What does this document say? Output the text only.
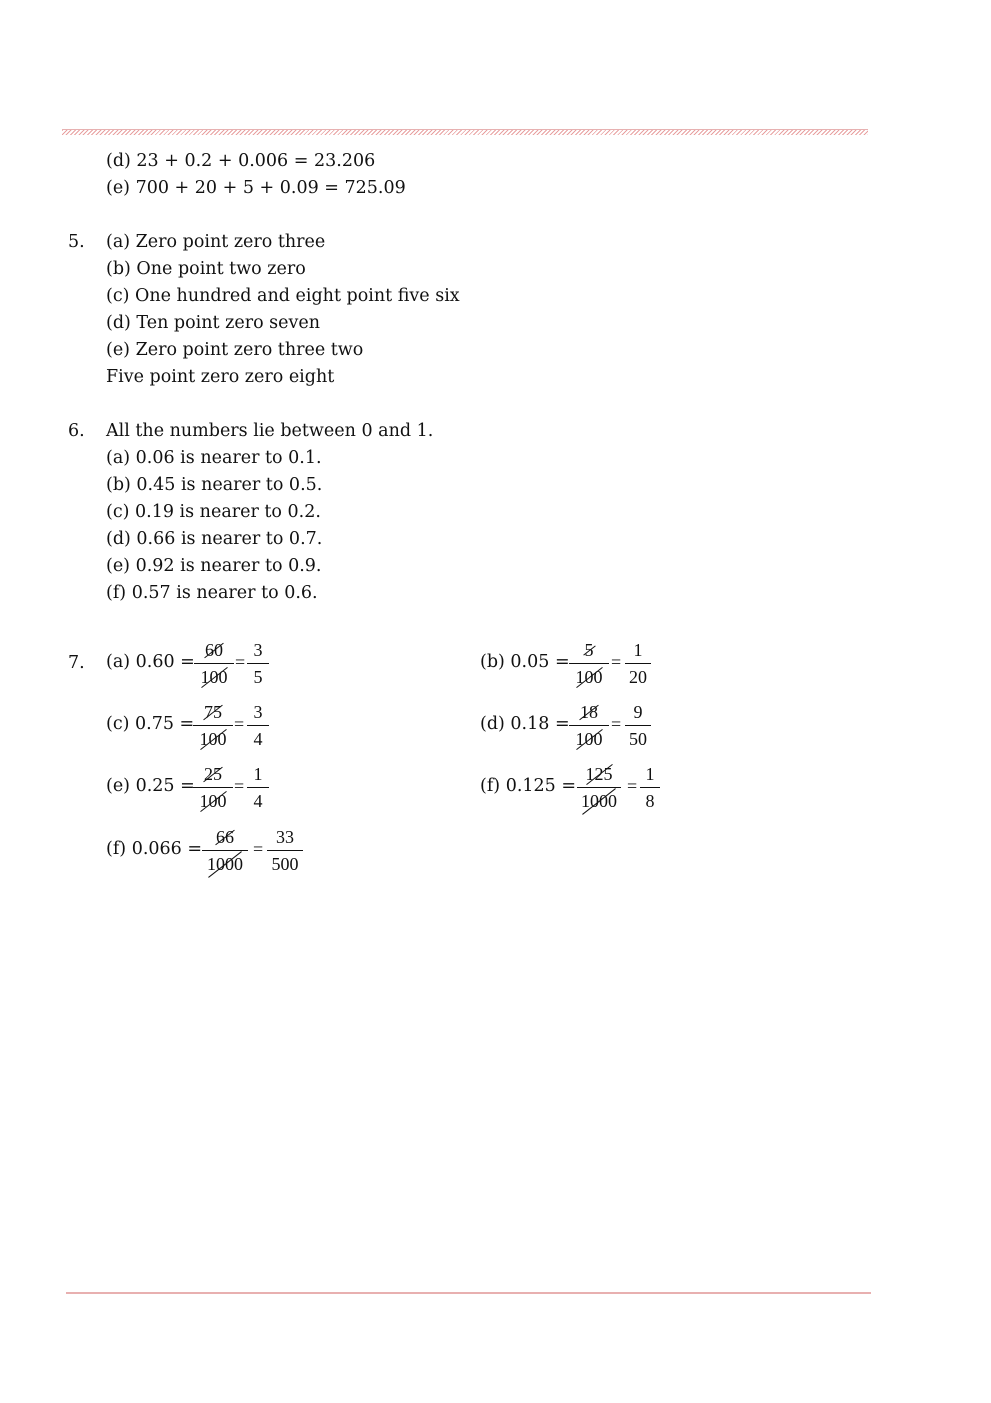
(d) 23 + 0.2 + 0.006 = 23.206
(e) 700 + 20 + 5 + 0.09 = 725.09
5. (a) Zero point zero three
(b) One point two zero
(c) One hundred and eight point five six
(d) Ten point zero seven
(e) Zero point zero three two
Five point zero zero eight
6. All the numbers lie between 0 and 1.
(a) 0.06 is nearer to 0.1.
(b) 0.45 is nearer to 0.5.
(c) 0.19 is nearer to 0.2.
(d) 0.66 is nearer to 0.7.
(e) 0.92 is nearer to 0.9.
(f) 0.57 is nearer to 0.6.
7. (a) 0.60 =
60
100
=
3
5
(b) 0.05 =
5
100
=
1
20
(c) 0.75 =
75
100
=
3
4
(d) 0.18 =
18
100
=
9
50
(e) 0.25 =
25
100
=
1
4
(f) 0.125 =
125
1000
=
1
8
(f) 0.066 =
66
1000
=
33
500
